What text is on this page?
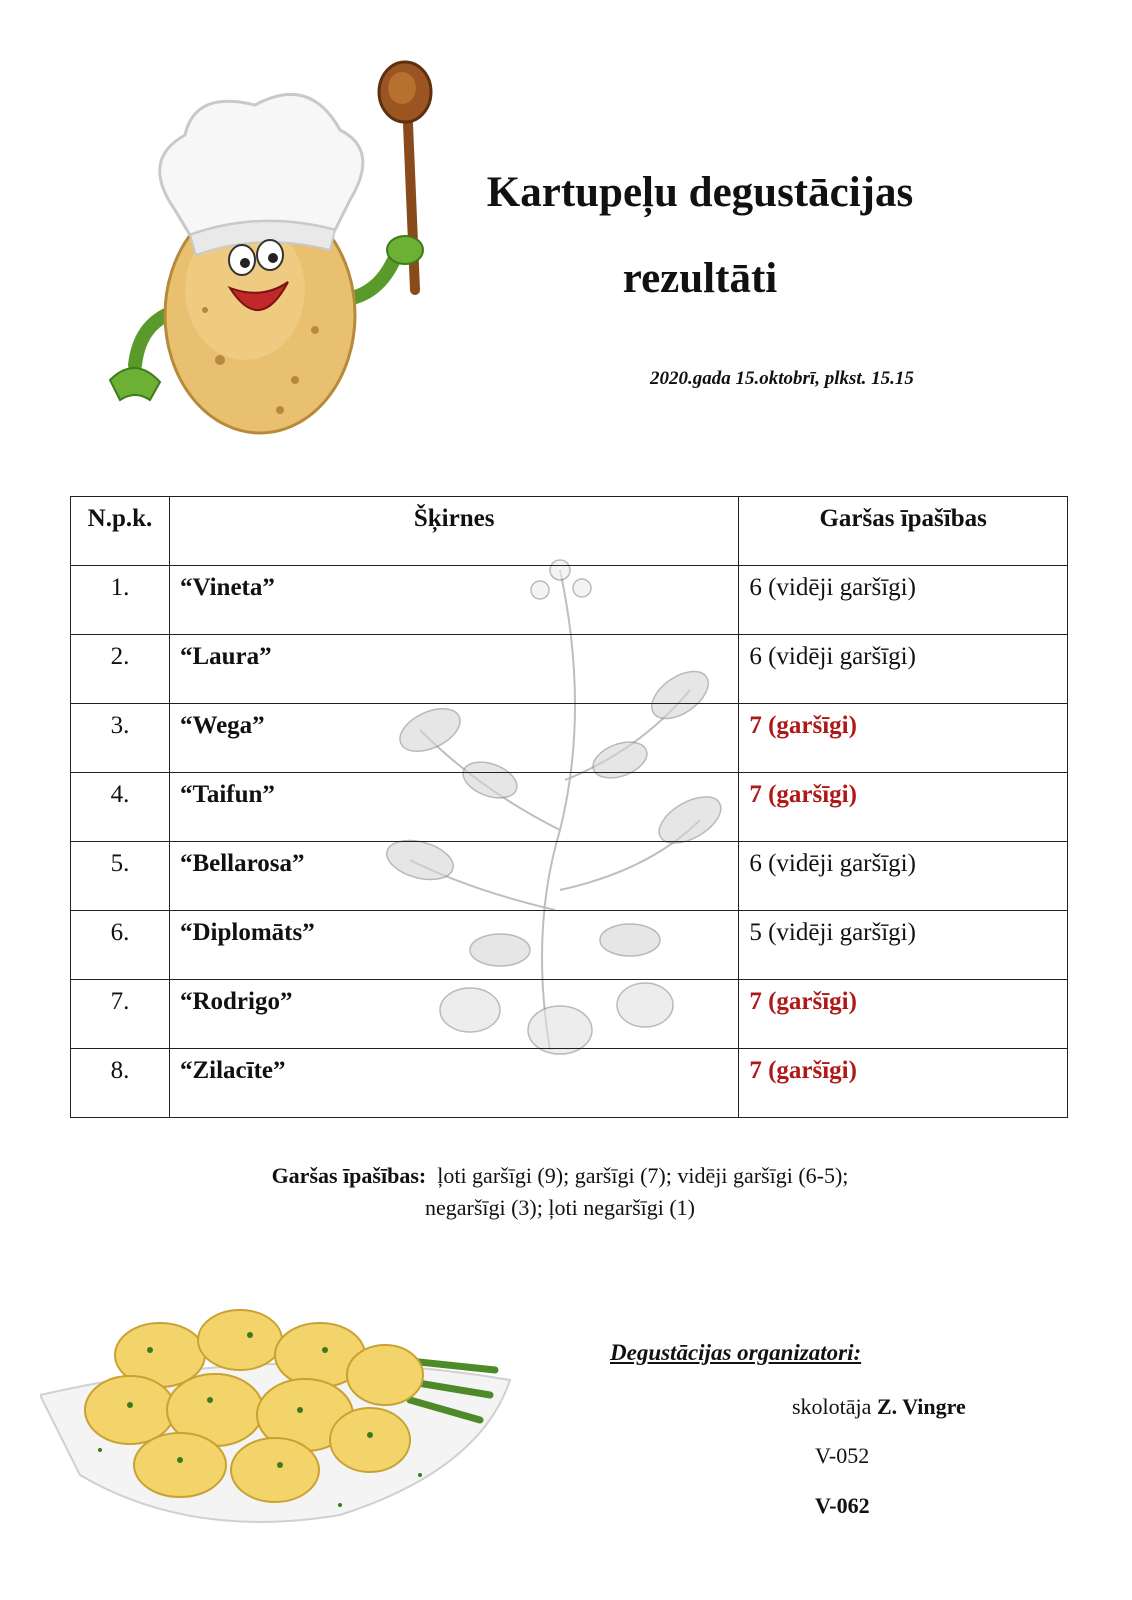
Kartupeļu degustācijas
rezultāti
2020.gada 15.oktobrī, plkst. 15.15
N.p.k.	Šķirnes	Garšas īpašības
1.	“Vineta”	6 (vidēji garšīgi)
2.	“Laura”	6 (vidēji garšīgi)
3.	“Wega”	7 (garšīgi)
4.	“Taifun”	7 (garšīgi)
5.	“Bellarosa”	6 (vidēji garšīgi)
6.	“Diplomāts”	5 (vidēji garšīgi)
7.	“Rodrigo”	7 (garšīgi)
8.	“Zilacīte”	7 (garšīgi)
Garšas īpašības: ļoti garšīgi (9); garšīgi (7); vidēji garšīgi (6-5);
negaršīgi (3); ļoti negaršīgi (1)
Degustācijas organizatori:
skolotāja Z. Vingre
V-052
V-062
